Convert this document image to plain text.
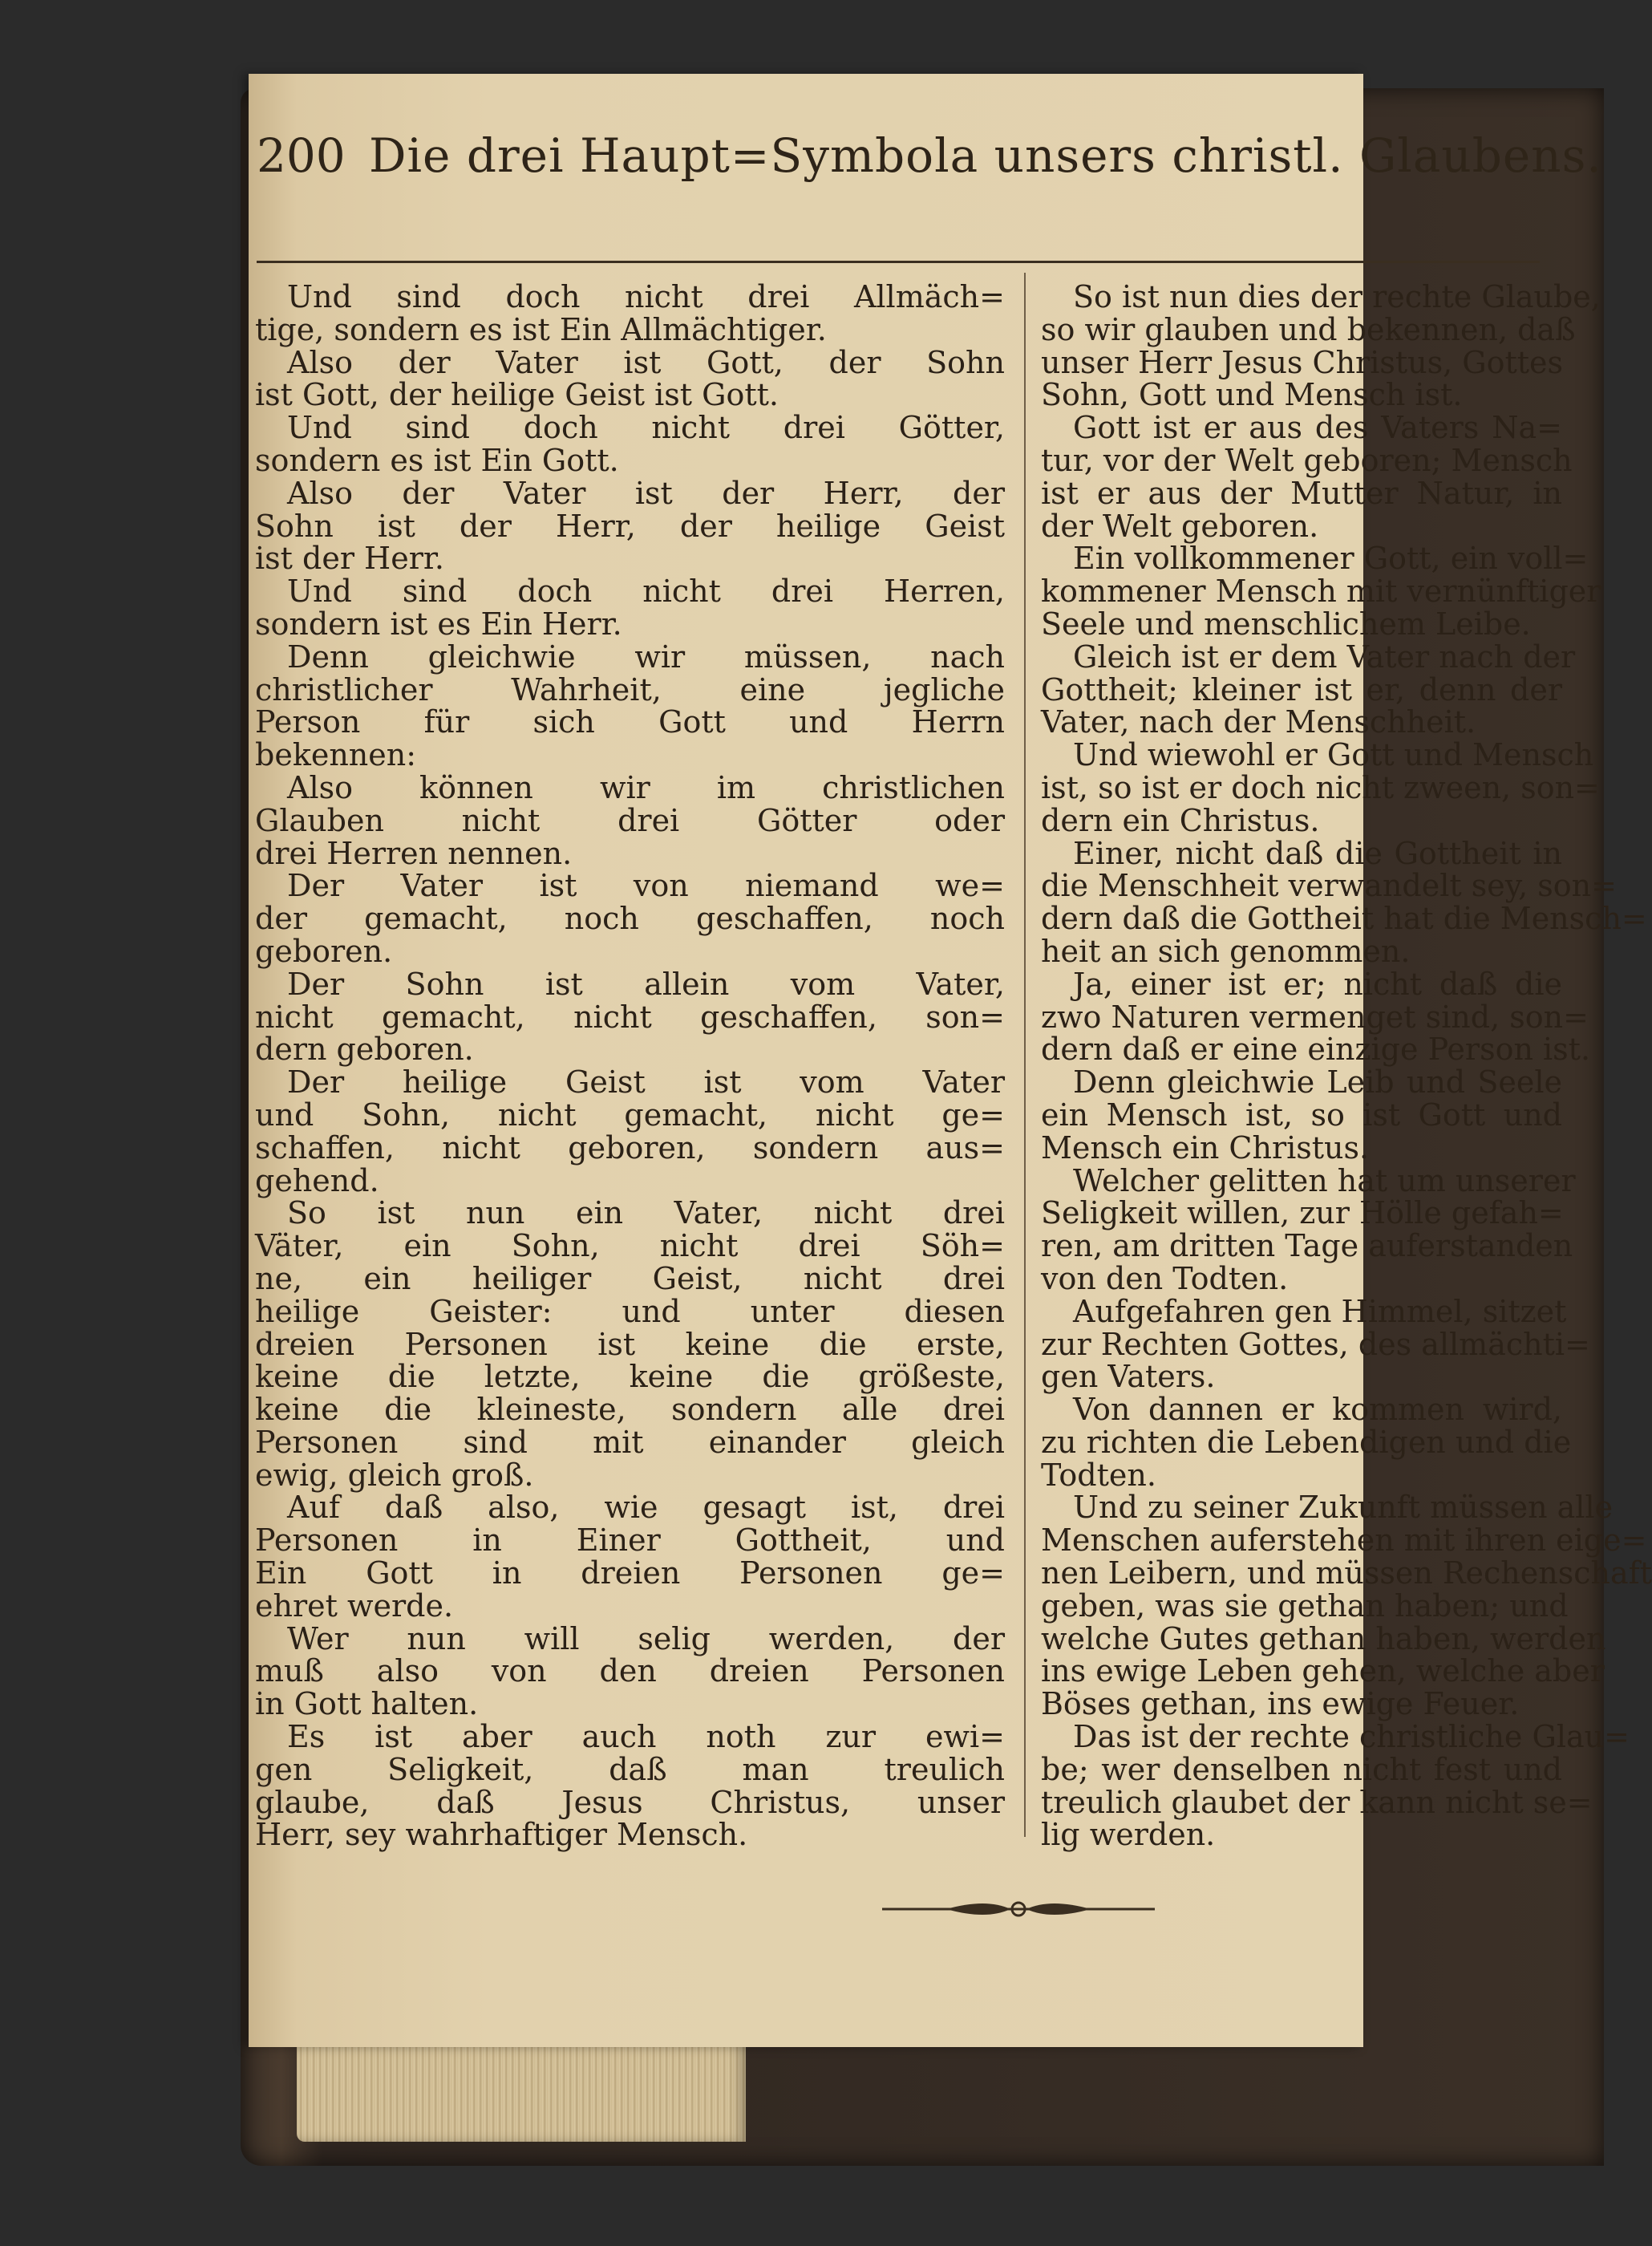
200 Die drei Haupt=Symbola unsers christl. Glaubens.
Und sind doch nicht drei Allmäch=
tige, sondern es ist Ein Allmächtiger.
Also der Vater ist Gott, der Sohn
ist Gott, der heilige Geist ist Gott.
Und sind doch nicht drei Götter,
sondern es ist Ein Gott.
Also der Vater ist der Herr, der
Sohn ist der Herr, der heilige Geist
ist der Herr.
Und sind doch nicht drei Herren,
sondern ist es Ein Herr.
Denn gleichwie wir müssen, nach
christlicher Wahrheit, eine jegliche
Person für sich Gott und Herrn
bekennen:
Also können wir im christlichen
Glauben nicht drei Götter oder
drei Herren nennen.
Der Vater ist von niemand we=
der gemacht, noch geschaffen, noch
geboren.
Der Sohn ist allein vom Vater,
nicht gemacht, nicht geschaffen, son=
dern geboren.
Der heilige Geist ist vom Vater
und Sohn, nicht gemacht, nicht ge=
schaffen, nicht geboren, sondern aus=
gehend.
So ist nun ein Vater, nicht drei
Väter, ein Sohn, nicht drei Söh=
ne, ein heiliger Geist, nicht drei
heilige Geister: und unter diesen
dreien Personen ist keine die erste,
keine die letzte, keine die größeste,
keine die kleineste, sondern alle drei
Personen sind mit einander gleich
ewig, gleich groß.
Auf daß also, wie gesagt ist, drei
Personen in Einer Gottheit, und
Ein Gott in dreien Personen ge=
ehret werde.
Wer nun will selig werden, der
muß also von den dreien Personen
in Gott halten.
Es ist aber auch noth zur ewi=
gen Seligkeit, daß man treulich
glaube, daß Jesus Christus, unser
Herr, sey wahrhaftiger Mensch.
So ist nun dies der rechte Glaube,
so wir glauben und bekennen, daß
unser Herr Jesus Christus, Gottes
Sohn, Gott und Mensch ist.
Gott ist er aus des Vaters Na=
tur, vor der Welt geboren; Mensch
ist er aus der Mutter Natur, in
der Welt geboren.
Ein vollkommener Gott, ein voll=
kommener Mensch mit vernünftiger
Seele und menschlichem Leibe.
Gleich ist er dem Vater nach der
Gottheit; kleiner ist er, denn der
Vater, nach der Menschheit.
Und wiewohl er Gott und Mensch
ist, so ist er doch nicht zween, son=
dern ein Christus.
Einer, nicht daß die Gottheit in
die Menschheit verwandelt sey, son=
dern daß die Gottheit hat die Mensch=
heit an sich genommen.
Ja, einer ist er; nicht daß die
zwo Naturen vermenget sind, son=
dern daß er eine einzige Person ist.
Denn gleichwie Leib und Seele
ein Mensch ist, so ist Gott und
Mensch ein Christus.
Welcher gelitten hat um unserer
Seligkeit willen, zur Hölle gefah=
ren, am dritten Tage auferstanden
von den Todten.
Aufgefahren gen Himmel, sitzet
zur Rechten Gottes, des allmächti=
gen Vaters.
Von dannen er kommen wird,
zu richten die Lebendigen und die
Todten.
Und zu seiner Zukunft müssen alle
Menschen auferstehen mit ihren eige=
nen Leibern, und müssen Rechenschaft
geben, was sie gethan haben; und
welche Gutes gethan haben, werden
ins ewige Leben gehen, welche aber
Böses gethan, ins ewige Feuer.
Das ist der rechte christliche Glau=
be; wer denselben nicht fest und
treulich glaubet der kann nicht se=
lig werden.
